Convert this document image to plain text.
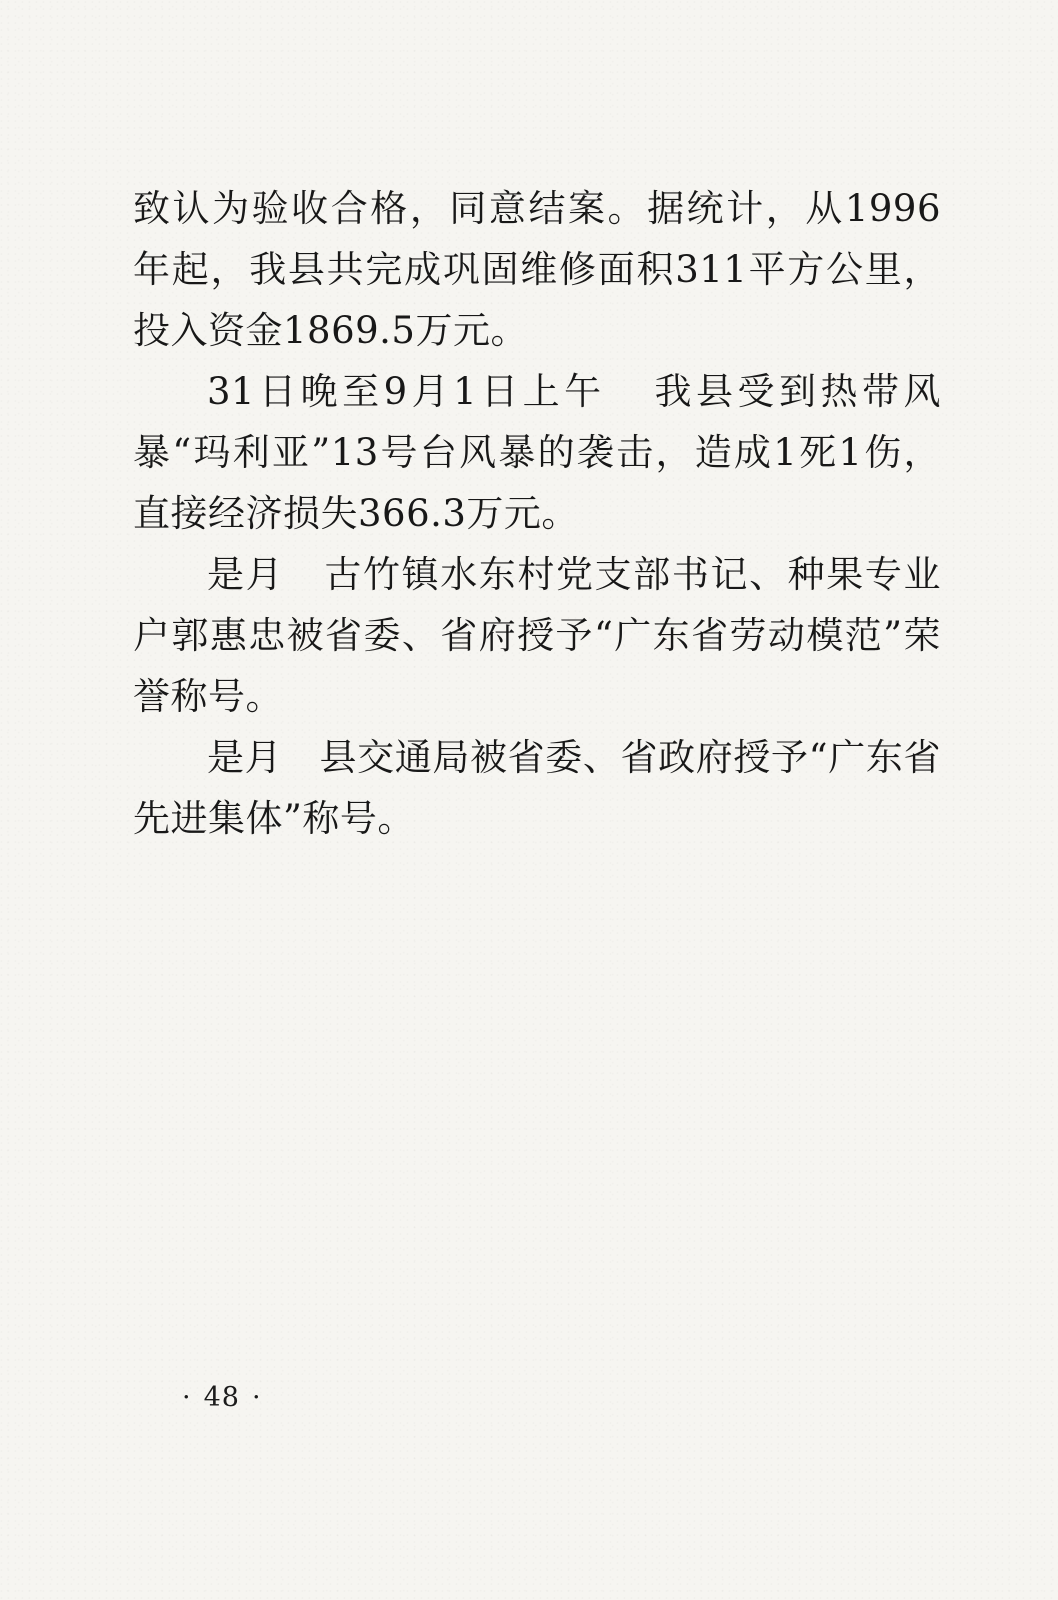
致认为验收合格，同意结案。据统计，从1996年起，我县共完成巩固维修面积311平方公里，投入资金1869.5万元。

31日晚至9月1日上午 我县受到热带风暴“玛利亚”13号台风暴的袭击，造成1死1伤，直接经济损失366.3万元。

是月 古竹镇水东村党支部书记、种果专业户郭惠忠被省委、省府授予“广东省劳动模范”荣誉称号。

是月 县交通局被省委、省政府授予“广东省先进集体”称号。

· 48 ·
